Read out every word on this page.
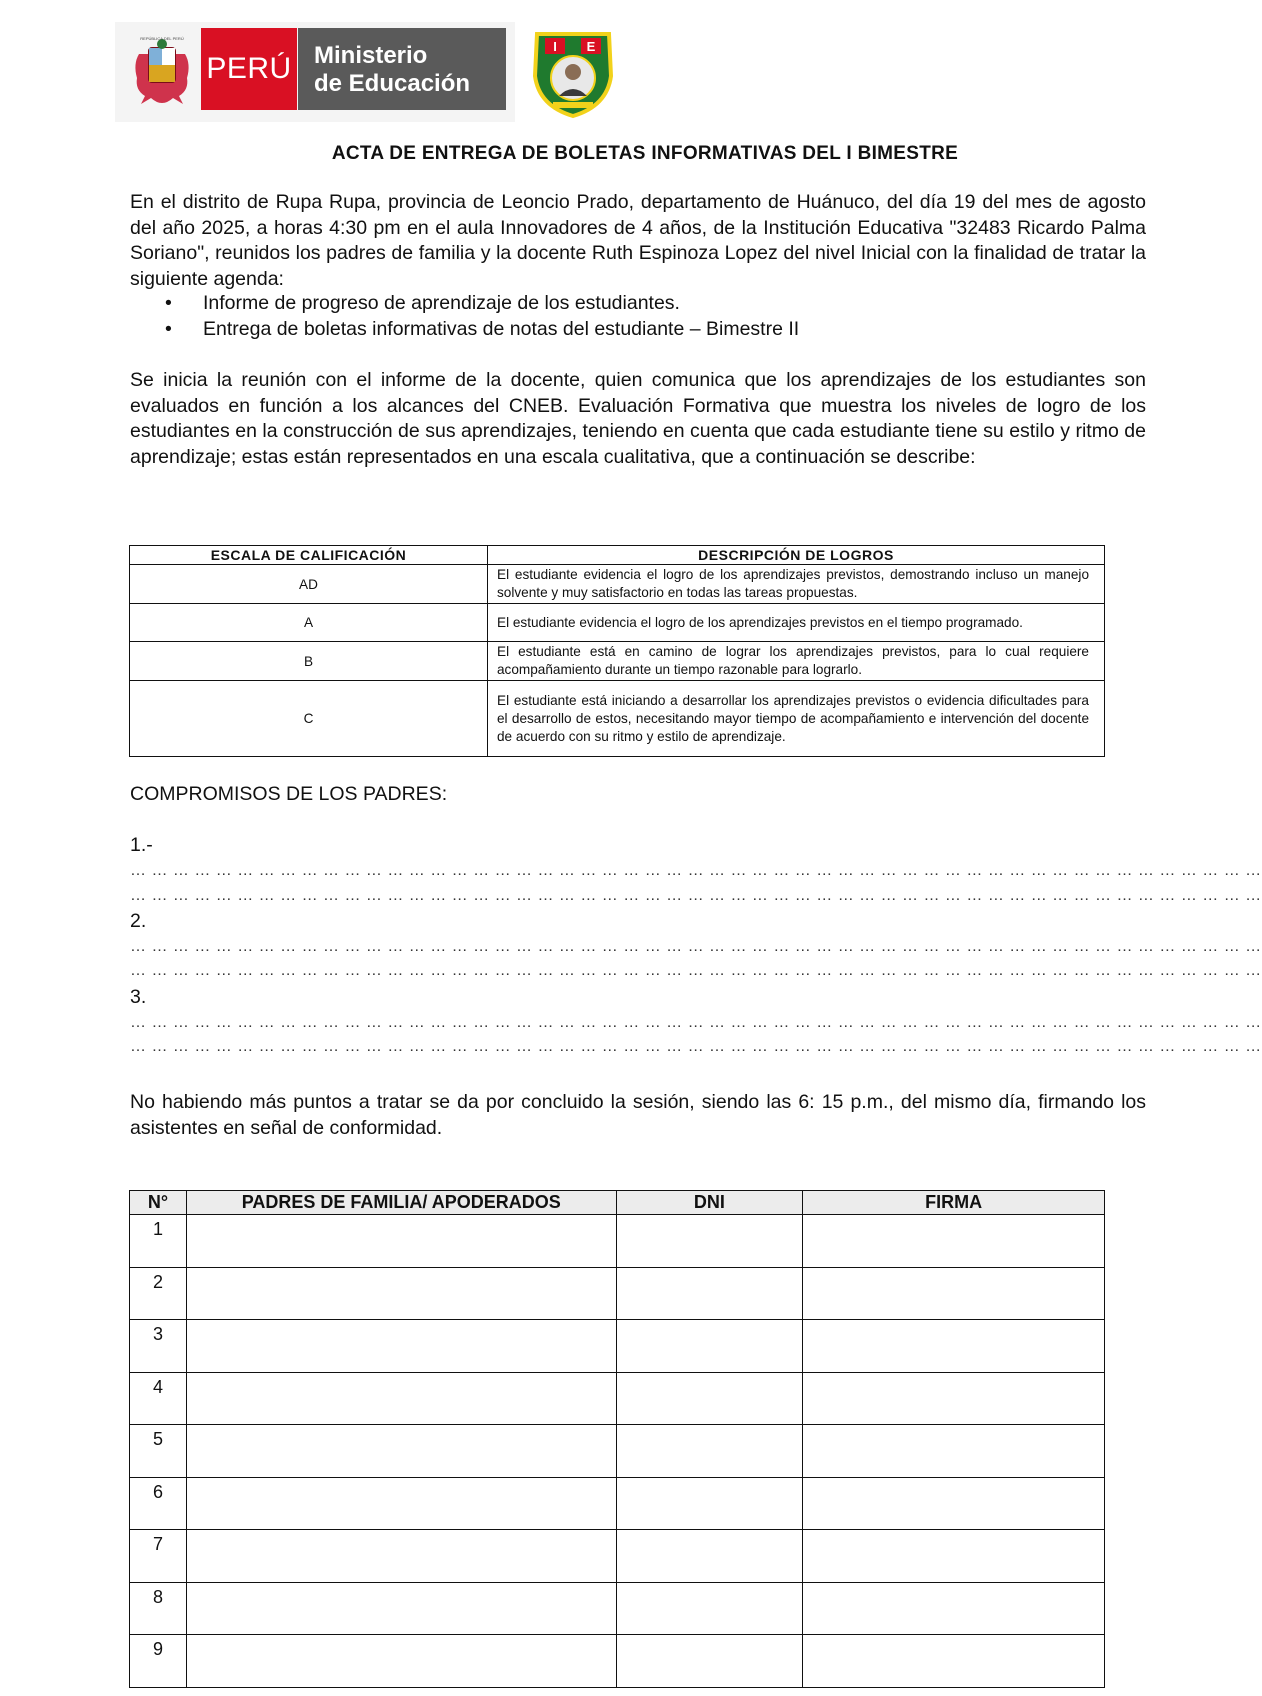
REPÚBLICA DEL PERÚ
PERÚ Ministerio
de Educación
I E
ACTA DE ENTREGA DE BOLETAS INFORMATIVAS DEL I BIMESTRE

En el distrito de Rupa Rupa, provincia de Leoncio Prado, departamento de Huánuco, del día 19 del mes de agosto del año 2025, a horas 4:30 pm en el aula Innovadores de 4 años, de la Institución Educativa "32483 Ricardo Palma Soriano", reunidos los padres de familia y la docente Ruth Espinoza Lopez del nivel Inicial con la finalidad de tratar la siguiente agenda:

• Informe de progreso de aprendizaje de los estudiantes.
• Entrega de boletas informativas de notas del estudiante – Bimestre II

Se inicia la reunión con el informe de la docente, quien comunica que los aprendizajes de los estudiantes son evaluados en función a los alcances del CNEB. Evaluación Formativa que muestra los niveles de logro de los estudiantes en la construcción de sus aprendizajes, teniendo en cuenta que cada estudiante tiene su estilo y ritmo de aprendizaje; estas están representados en una escala cualitativa, que a continuación se describe:

ESCALA DE CALIFICACIÓN	DESCRIPCIÓN DE LOGROS
AD	El estudiante evidencia el logro de los aprendizajes previstos, demostrando incluso un manejo solvente y muy satisfactorio en todas las tareas propuestas.
A	El estudiante evidencia el logro de los aprendizajes previstos en el tiempo programado.
B	El estudiante está en camino de lograr los aprendizajes previstos, para lo cual requiere acompañamiento durante un tiempo razonable para lograrlo.
C	El estudiante está iniciando a desarrollar los aprendizajes previstos o evidencia dificultades para el desarrollo de estos, necesitando mayor tiempo de acompañamiento e intervención del docente de acuerdo con su ritmo y estilo de aprendizaje.
COMPROMISOS DE LOS PADRES:
1.-
… … … … … … … … … … … … … … … … … … … … … … … … … … … … … … … … … … … … … … … … … … … … … … … … … … … … …
… … … … … … … … … … … … … … … … … … … … … … … … … … … … … … … … … … … … … … … … … … … … … … … … … … … … …
2.
… … … … … … … … … … … … … … … … … … … … … … … … … … … … … … … … … … … … … … … … … … … … … … … … … … … … …
… … … … … … … … … … … … … … … … … … … … … … … … … … … … … … … … … … … … … … … … … … … … … … … … … … … … …
3.
… … … … … … … … … … … … … … … … … … … … … … … … … … … … … … … … … … … … … … … … … … … … … … … … … … … … …
… … … … … … … … … … … … … … … … … … … … … … … … … … … … … … … … … … … … … … … … … … … … … … … … … … … … …

No habiendo más puntos a tratar se da por concluido la sesión, siendo las 6: 15 p.m., del mismo día, firmando los asistentes en señal de conformidad.

N°	PADRES DE FAMILIA/ APODERADOS	DNI	FIRMA
1			
2			
3			
4			
5			
6			
7			
8			
9			
